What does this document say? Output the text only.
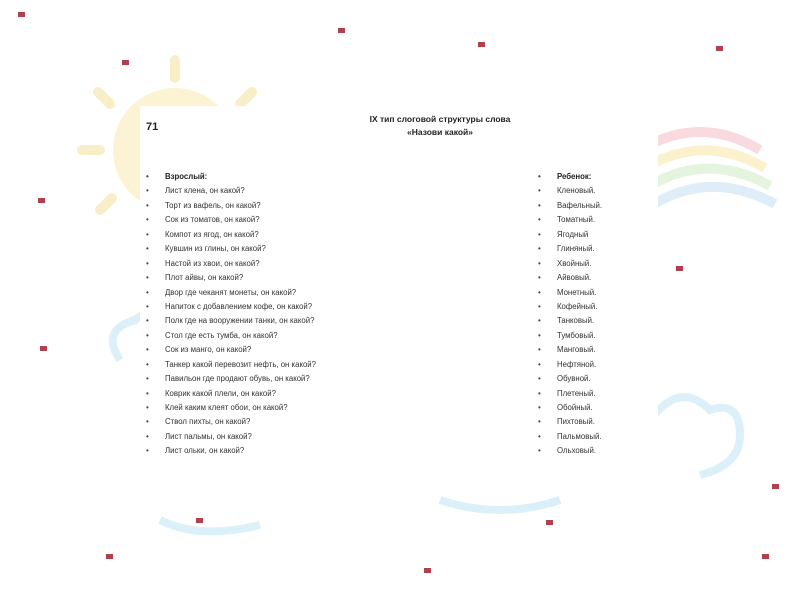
71
IX тип слоговой структуры слова
«Назови какой»
• Взрослый:
• Лист клена, он какой?
• Торт из вафель, он какой?
• Сок из томатов, он какой?
• Компот из ягод, он какой?
• Кувшин из глины, он какой?
• Настой из хвои, он какой?
• Плот айвы, он какой?
• Двор где чеканят монеты, он какой?
• Напиток с добавлением кофе, он какой?
• Полк где на вооружении танки, он какой?
• Стол где есть тумба, он какой?
• Сок из манго, он какой?
• Танкер какой перевозит нефть, он какой?
• Павильон где продают обувь, он какой?
• Коврик какой плели, он какой?
• Клей каким клеят обои, он какой?
• Ствол пихты, он какой?
• Лист пальмы, он какой?
• Лист ольки, он какой?
• Ребенок:
• Кленовый.
• Вафельный.
• Томатный.
• Ягодный
• Глиняный.
• Хвойный.
• Айвовый.
• Монетный.
• Кофейный.
• Танковый.
• Тумбовый.
• Манговый.
• Нефтяной.
• Обувной.
• Плетеный.
• Обойный.
• Пихтовый.
• Пальмовый.
• Ольховый.
